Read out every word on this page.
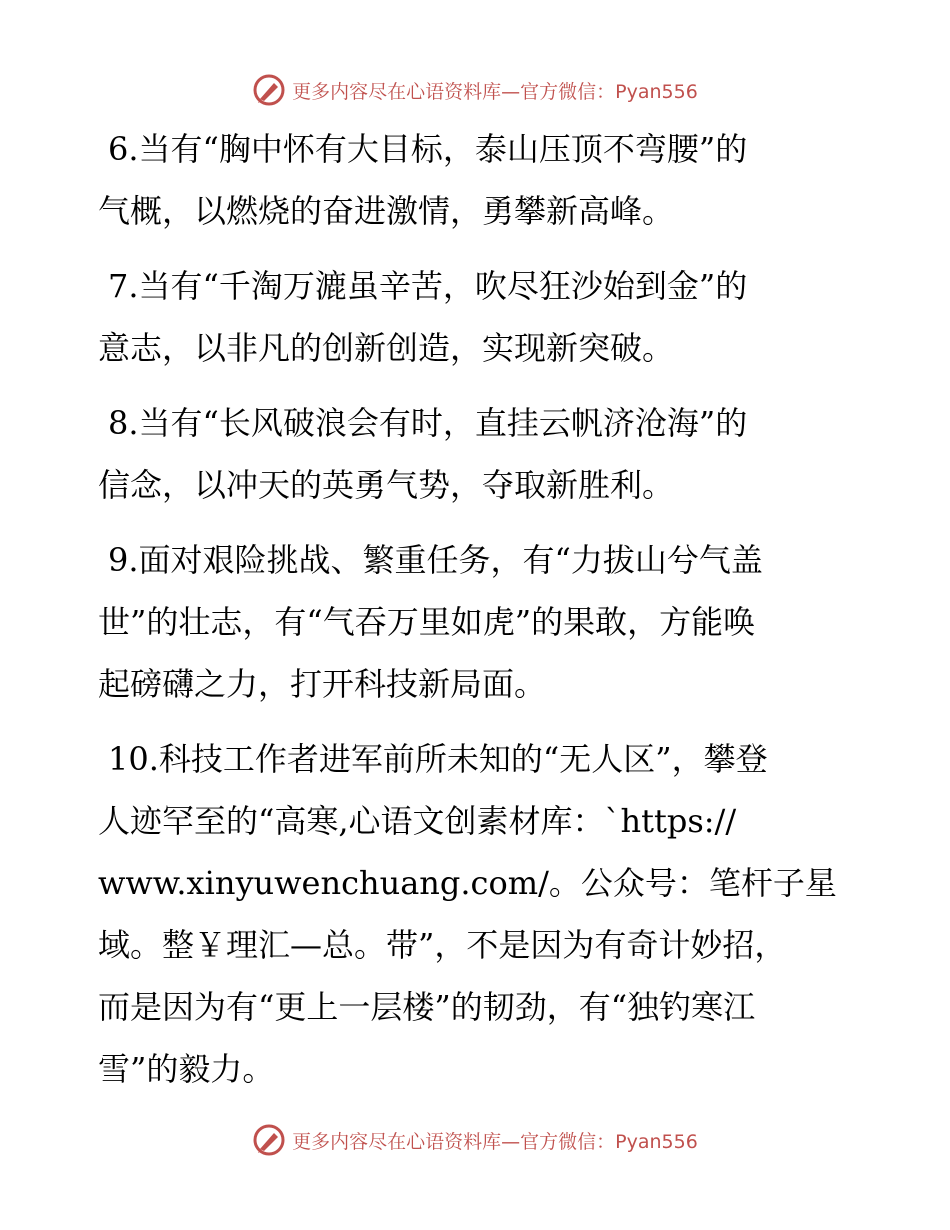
更多内容尽在心语资料库—官方微信：Pyan556

6.当有“胸中怀有大目标，泰山压顶不弯腰”的
气概，以燃烧的奋进激情，勇攀新高峰。

7.当有“千淘万漉虽辛苦，吹尽狂沙始到金”的
意志，以非凡的创新创造，实现新突破。

8.当有“长风破浪会有时，直挂云帆济沧海”的
信念，以冲天的英勇气势，夺取新胜利。

9.面对艰险挑战、繁重任务，有“力拔山兮气盖
世”的壮志，有“气吞万里如虎”的果敢，方能唤
起磅礴之力，打开科技新局面。

10.科技工作者进军前所未知的“无人区”，攀登
人迹罕至的“高寒,心语文创素材库：`https://
www.xinyuwenchuang.com/。公众号：笔杆子星
域。整￥理汇—总。带”，不是因为有奇计妙招，
而是因为有“更上一层楼”的韧劲，有“独钓寒江
雪”的毅力。

更多内容尽在心语资料库—官方微信：Pyan556
